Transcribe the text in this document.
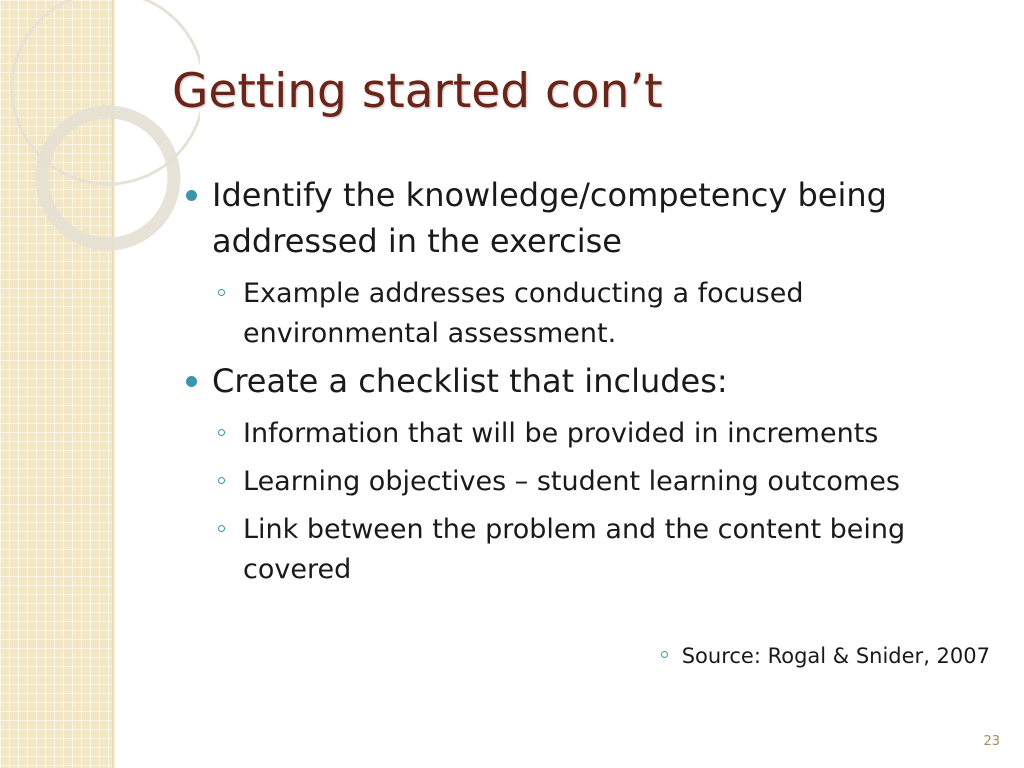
Getting started con’t
Identify the knowledge/competency being addressed in the exercise
Example addresses conducting a focused environmental assessment.
Create a checklist that includes:
Information that will be provided in increments
Learning objectives – student learning outcomes
Link between the problem and the content being covered
Source: Rogal & Snider, 2007
23
